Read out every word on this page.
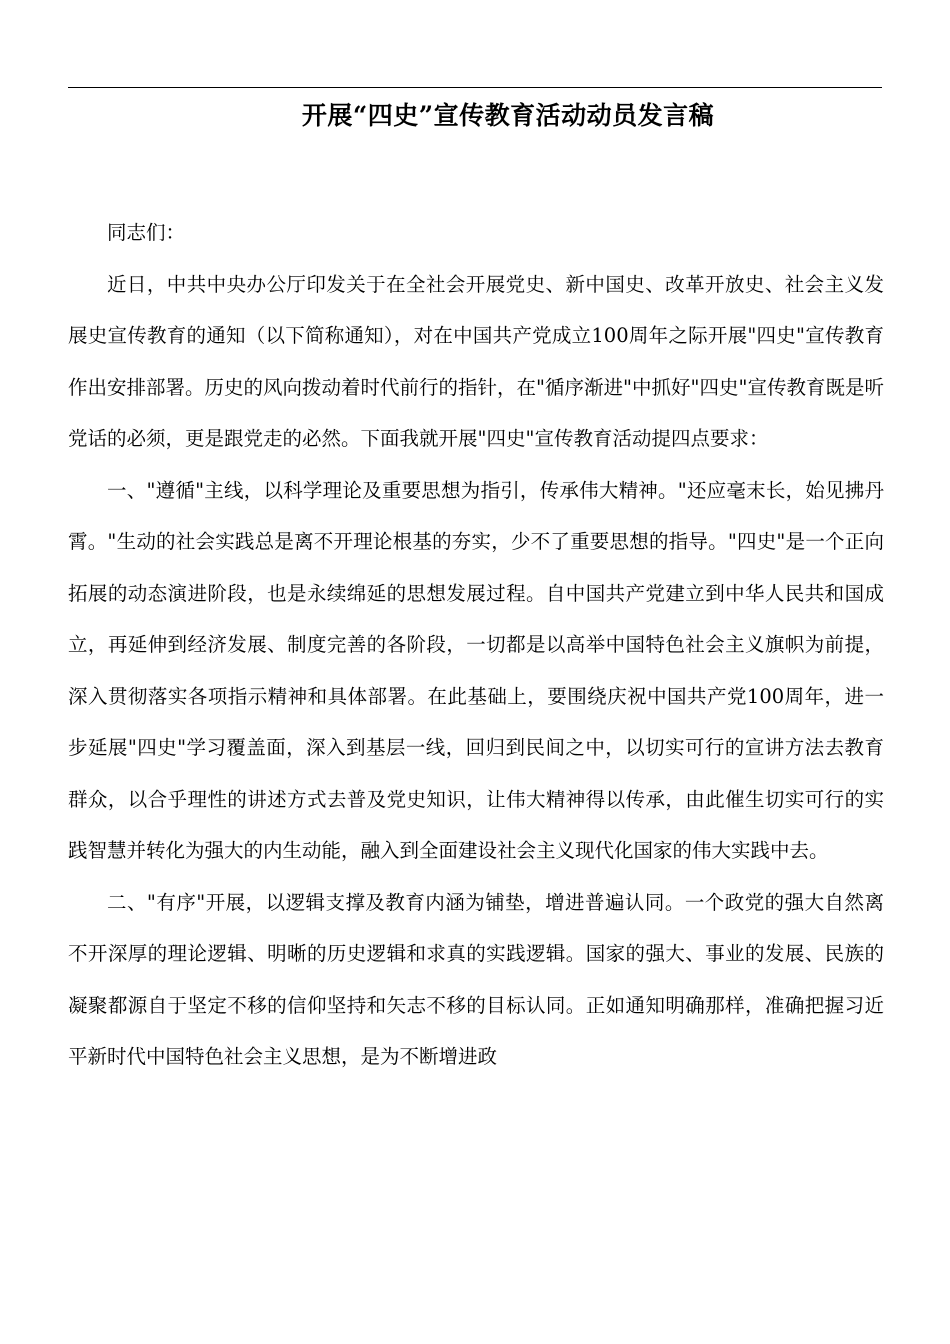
开展“四史”宣传教育活动动员发言稿

同志们：

近日，中共中央办公厅印发关于在全社会开展党史、新中国史、改革开放史、社会主义发展史宣传教育的通知（以下简称通知），对在中国共产党成立100周年之际开展"四史"宣传教育作出安排部署。历史的风向拨动着时代前行的指针，在"循序渐进"中抓好"四史"宣传教育既是听党话的必须，更是跟党走的必然。下面我就开展"四史"宣传教育活动提四点要求：

一、"遵循"主线，以科学理论及重要思想为指引，传承伟大精神。"还应毫末长，始见拂丹霄。"生动的社会实践总是离不开理论根基的夯实，少不了重要思想的指导。"四史"是一个正向拓展的动态演进阶段，也是永续绵延的思想发展过程。自中国共产党建立到中华人民共和国成立，再延伸到经济发展、制度完善的各阶段，一切都是以高举中国特色社会主义旗帜为前提，深入贯彻落实各项指示精神和具体部署。在此基础上，要围绕庆祝中国共产党100周年，进一步延展"四史"学习覆盖面，深入到基层一线，回归到民间之中，以切实可行的宣讲方法去教育群众，以合乎理性的讲述方式去普及党史知识，让伟大精神得以传承，由此催生切实可行的实践智慧并转化为强大的内生动能，融入到全面建设社会主义现代化国家的伟大实践中去。

二、"有序"开展，以逻辑支撑及教育内涵为铺垫，增进普遍认同。一个政党的强大自然离不开深厚的理论逻辑、明晰的历史逻辑和求真的实践逻辑。国家的强大、事业的发展、民族的凝聚都源自于坚定不移的信仰坚持和矢志不移的目标认同。正如通知明确那样，准确把握习近平新时代中国特色社会主义思想，是为不断增进政
